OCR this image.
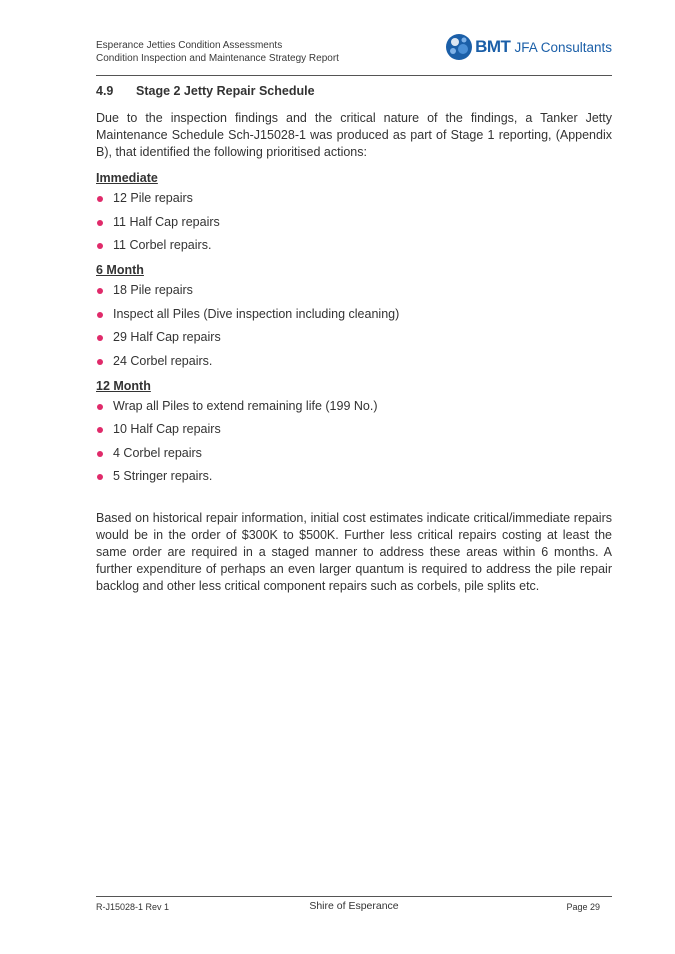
Esperance Jetties Condition Assessments
Condition Inspection and Maintenance Strategy Report
BMT JFA Consultants
4.9 Stage 2 Jetty Repair Schedule

Due to the inspection findings and the critical nature of the findings, a Tanker Jetty Maintenance Schedule Sch-J15028-1 was produced as part of Stage 1 reporting, (Appendix B), that identified the following prioritised actions:

Immediate
12 Pile repairs
11 Half Cap repairs
11 Corbel repairs.
6 Month
18 Pile repairs
Inspect all Piles (Dive inspection including cleaning)
29 Half Cap repairs
24 Corbel repairs.
12 Month
Wrap all Piles to extend remaining life (199 No.)
10 Half Cap repairs
4 Corbel repairs
5 Stringer repairs.

Based on historical repair information, initial cost estimates indicate critical/immediate repairs would be in the order of $300K to $500K. Further less critical repairs costing at least the same order are required in a staged manner to address these areas within 6 months. A further expenditure of perhaps an even larger quantum is required to address the pile repair backlog and other less critical component repairs such as corbels, pile splits etc.

R-J15028-1 Rev 1	Shire of Esperance	Page 29
